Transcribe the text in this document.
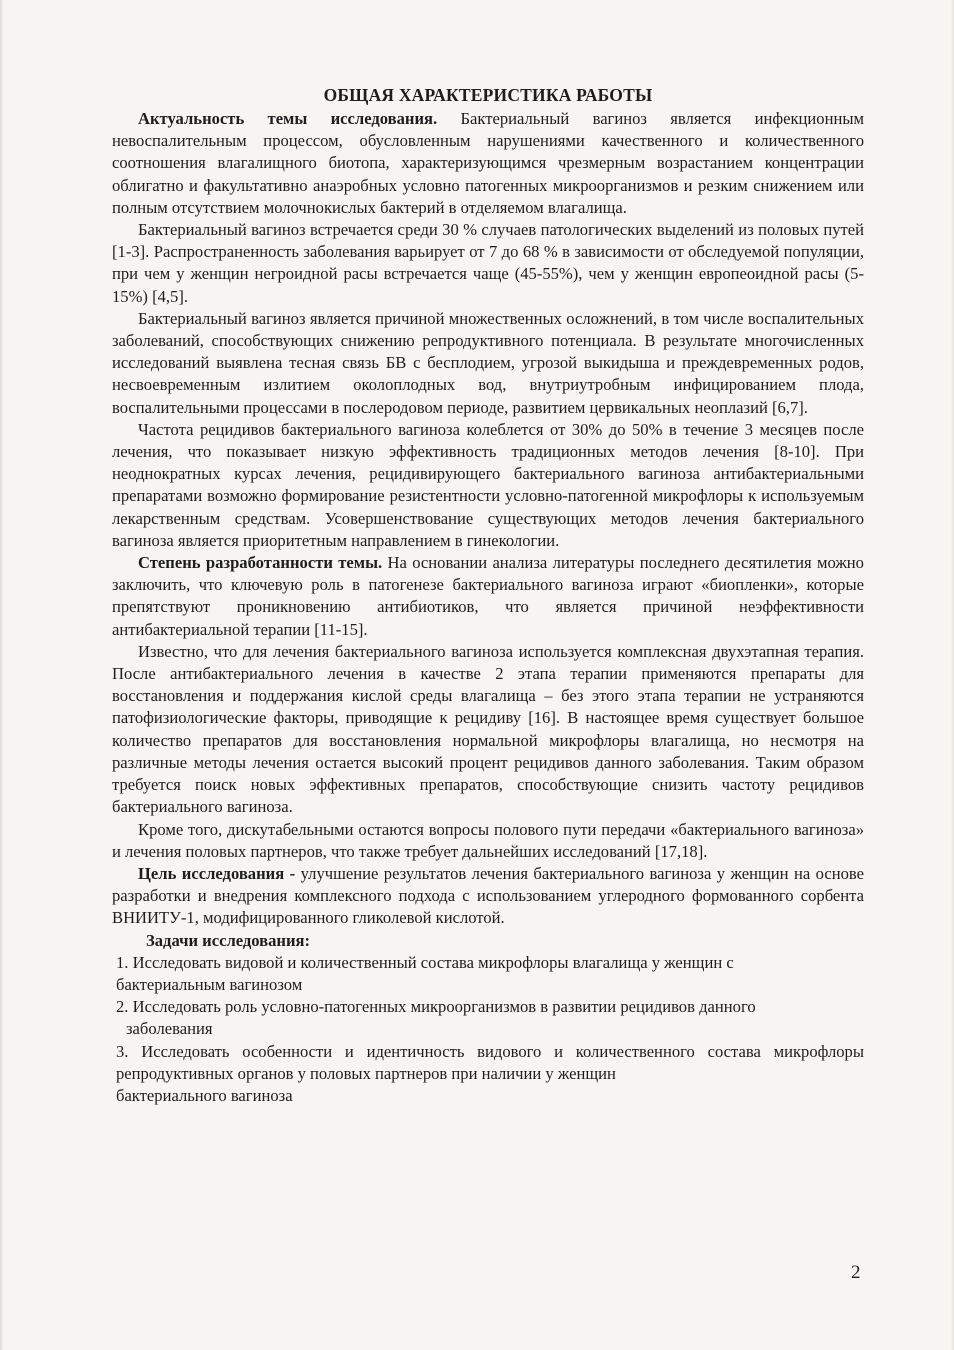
ОБЩАЯ ХАРАКТЕРИСТИКА РАБОТЫ

Актуальность темы исследования. Бактериальный вагиноз является инфекционным невоспалительным процессом, обусловленным нарушениями качественного и количественного соотношения влагалищного биотопа, характеризующимся чрезмерным возрастанием концентрации облигатно и факультативно анаэробных условно патогенных микроорганизмов и резким снижением или полным отсутствием молочнокислых бактерий в отделяемом влагалища.

Бактериальный вагиноз встречается среди 30 % случаев патологических выделений из половых путей [1-3]. Распространенность заболевания варьирует от 7 до 68 % в зависимости от обследуемой популяции, при чем у женщин негроидной расы встречается чаще (45-55%), чем у женщин европеоидной расы (5-15%) [4,5].

Бактериальный вагиноз является причиной множественных осложнений, в том числе воспалительных заболеваний, способствующих снижению репродуктивного потенциала. В результате многочисленных исследований выявлена тесная связь БВ с бесплодием, угрозой выкидыша и преждевременных родов, несвоевременным излитием околоплодных вод, внутриутробным инфицированием плода, воспалительными процессами в послеродовом периоде, развитием цервикальных неоплазий [6,7].

Частота рецидивов бактериального вагиноза колеблется от 30% до 50% в течение 3 месяцев после лечения, что показывает низкую эффективность традиционных методов лечения [8-10]. При неоднократных курсах лечения, рецидивирующего бактериального вагиноза антибактериальными препаратами возможно формирование резистентности условно-патогенной микрофлоры к используемым лекарственным средствам. Усовершенствование существующих методов лечения бактериального вагиноза является приоритетным направлением в гинекологии.

Степень разработанности темы. На основании анализа литературы последнего десятилетия можно заключить, что ключевую роль в патогенезе бактериального вагиноза играют «биопленки», которые препятствуют проникновению антибиотиков, что является причиной неэффективности антибактериальной терапии [11-15].

Известно, что для лечения бактериального вагиноза используется комплексная двухэтапная терапия. После антибактериального лечения в качестве 2 этапа терапии применяются препараты для восстановления и поддержания кислой среды влагалища – без этого этапа терапии не устраняются патофизиологические факторы, приводящие к рецидиву [16]. В настоящее время существует большое количество препаратов для восстановления нормальной микрофлоры влагалища, но несмотря на различные методы лечения остается высокий процент рецидивов данного заболевания. Таким образом требуется поиск новых эффективных препаратов, способствующие снизить частоту рецидивов бактериального вагиноза.

Кроме того, дискутабельными остаются вопросы полового пути передачи «бактериального вагиноза» и лечения половых партнеров, что также требует дальнейших исследований [17,18].

Цель исследования - улучшение результатов лечения бактериального вагиноза у женщин на основе разработки и внедрения комплексного подхода с использованием углеродного формованного сорбента ВНИИТУ-1, модифицированного гликолевой кислотой.

Задачи исследования:

1. Исследовать видовой и количественный состава микрофлоры влагалища у женщин с
бактериальным вагинозом

2. Исследовать роль условно-патогенных микроорганизмов в развитии рецидивов данного
заболевания

3. Исследовать особенности и идентичность видового и количественного состава микрофлоры репродуктивных органов у половых партнеров при наличии у женщин
бактериального вагиноза

2
